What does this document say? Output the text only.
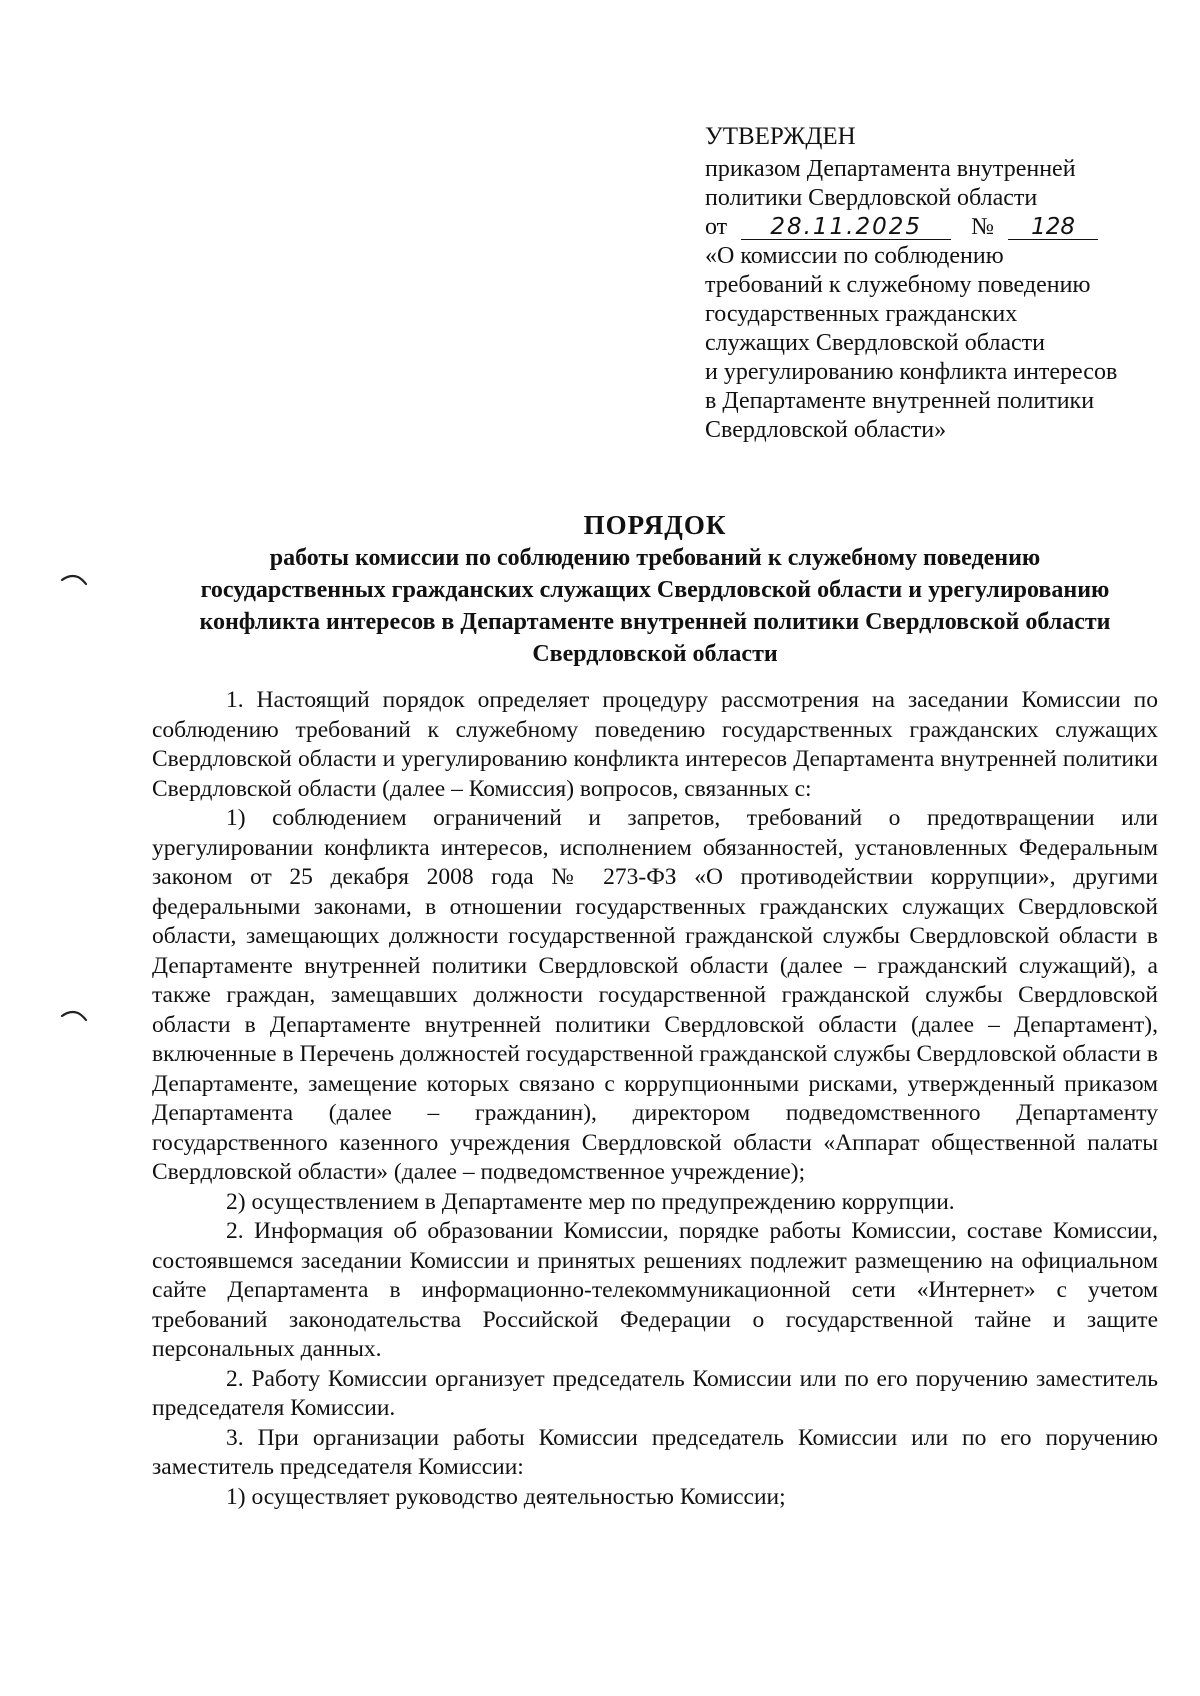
УТВЕРЖДЕН
приказом Департамента внутренней
политики Свердловской области
от 28.11.2025 № 128
«О комиссии по соблюдению
требований к служебному поведению
государственных гражданских
служащих Свердловской области
и урегулированию конфликта интересов
в Департаменте внутренней политики
Свердловской области»
ПОРЯДОК
работы комиссии по соблюдению требований к служебному поведению
государственных гражданских служащих Свердловской области и урегулированию
конфликта интересов в Департаменте внутренней политики Свердловской области
Свердловской области

1. Настоящий порядок определяет процедуру рассмотрения на заседании Комиссии по соблюдению требований к служебному поведению государственных гражданских служащих Свердловской области и урегулированию конфликта интересов Департамента внутренней политики Свердловской области (далее – Комиссия) вопросов, связанных с:

1) соблюдением ограничений и запретов, требований о предотвращении или урегулировании конфликта интересов, исполнением обязанностей, установленных Федеральным законом от 25 декабря 2008 года № 273-ФЗ «О противодействии коррупции», другими федеральными законами, в отношении государственных гражданских служащих Свердловской области, замещающих должности государственной гражданской службы Свердловской области в Департаменте внутренней политики Свердловской области (далее – гражданский служащий), а также граждан, замещавших должности государственной гражданской службы Свердловской области в Департаменте внутренней политики Свердловской области (далее – Департамент), включенные в Перечень должностей государственной гражданской службы Свердловской области в Департаменте, замещение которых связано с коррупционными рисками, утвержденный приказом Департамента (далее – гражданин), директором подведомственного Департаменту государственного казенного учреждения Свердловской области «Аппарат общественной палаты Свердловской области» (далее – подведомственное учреждение);

2) осуществлением в Департаменте мер по предупреждению коррупции.

2. Информация об образовании Комиссии, порядке работы Комиссии, составе Комиссии, состоявшемся заседании Комиссии и принятых решениях подлежит размещению на официальном сайте Департамента в информационно-телекоммуникационной сети «Интернет» с учетом требований законодательства Российской Федерации о государственной тайне и защите персональных данных.

2. Работу Комиссии организует председатель Комиссии или по его поручению заместитель председателя Комиссии.

3. При организации работы Комиссии председатель Комиссии или по его поручению заместитель председателя Комиссии:

1) осуществляет руководство деятельностью Комиссии;
